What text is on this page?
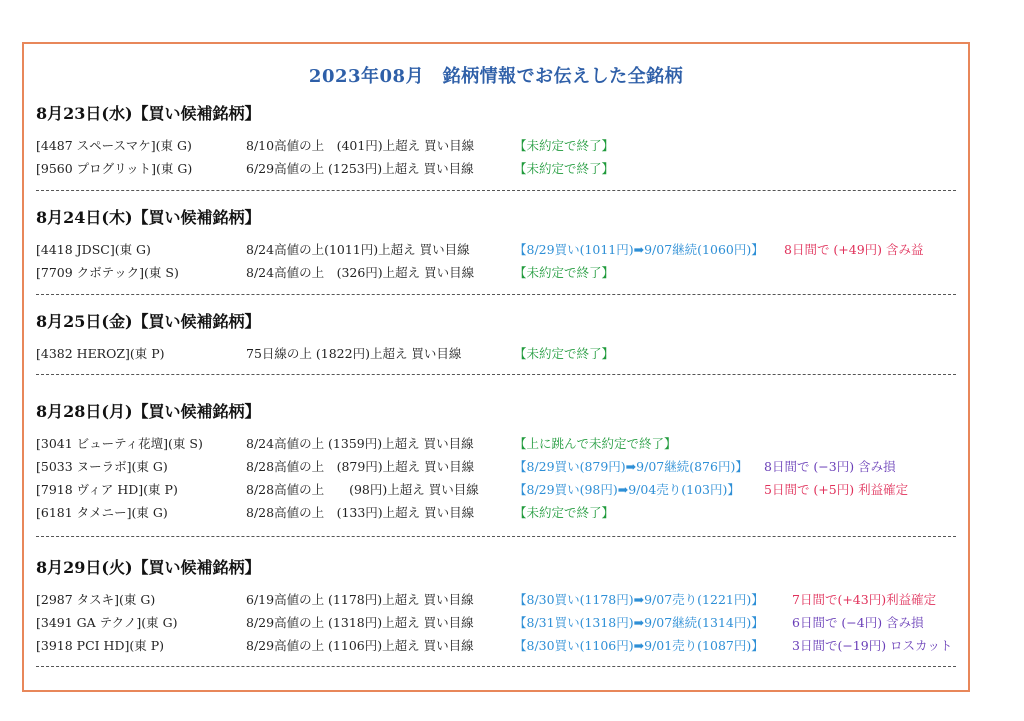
2023年08月　銘柄情報でお伝えした全銘柄
8月23日(水)【買い候補銘柄】
[4487 スペースマケ](東 G)	8/10高値の上　(401円)上超え 買い目線	【未約定で終了】
[9560 プログリット](東 G)	6/29高値の上 (1253円)上超え 買い目線	【未約定で終了】
8月24日(木)【買い候補銘柄】
[4418 JDSC](東 G)	8/24高値の上(1011円)上超え 買い目線	【8/29買い(1011円)➡9/07継続(1060円)】 8日間で (+49円) 含み益
[7709 クボテック](東 S)	8/24高値の上　(326円)上超え 買い目線	【未約定で終了】
8月25日(金)【買い候補銘柄】
[4382 HEROZ](東 P)	75日線の上 (1822円)上超え 買い目線	【未約定で終了】
8月28日(月)【買い候補銘柄】
[3041 ビューティ花壇](東 S)	8/24高値の上 (1359円)上超え 買い目線	【上に跳んで未約定で終了】
[5033 ヌーラボ](東 G)	8/28高値の上　(879円)上超え 買い目線	【8/29買い(879円)➡9/07継続(876円)】 8日間で (−3円) 含み損
[7918 ヴィア HD](東 P)	8/28高値の上　　(98円)上超え 買い目線	【8/29買い(98円)➡9/04売り(103円)】 5日間で (+5円) 利益確定
[6181 タメニー](東 G)	8/28高値の上　(133円)上超え 買い目線	【未約定で終了】
8月29日(火)【買い候補銘柄】
[2987 タスキ](東 G)	6/19高値の上 (1178円)上超え 買い目線	【8/30買い(1178円)➡9/07売り(1221円)】 7日間で(+43円)利益確定
[3491 GA テクノ](東 G)	8/29高値の上 (1318円)上超え 買い目線	【8/31買い(1318円)➡9/07継続(1314円)】 6日間で (−4円) 含み損
[3918 PCI HD](東 P)	8/29高値の上 (1106円)上超え 買い目線	【8/30買い(1106円)➡9/01売り(1087円)】 3日間で(−19円) ロスカット
